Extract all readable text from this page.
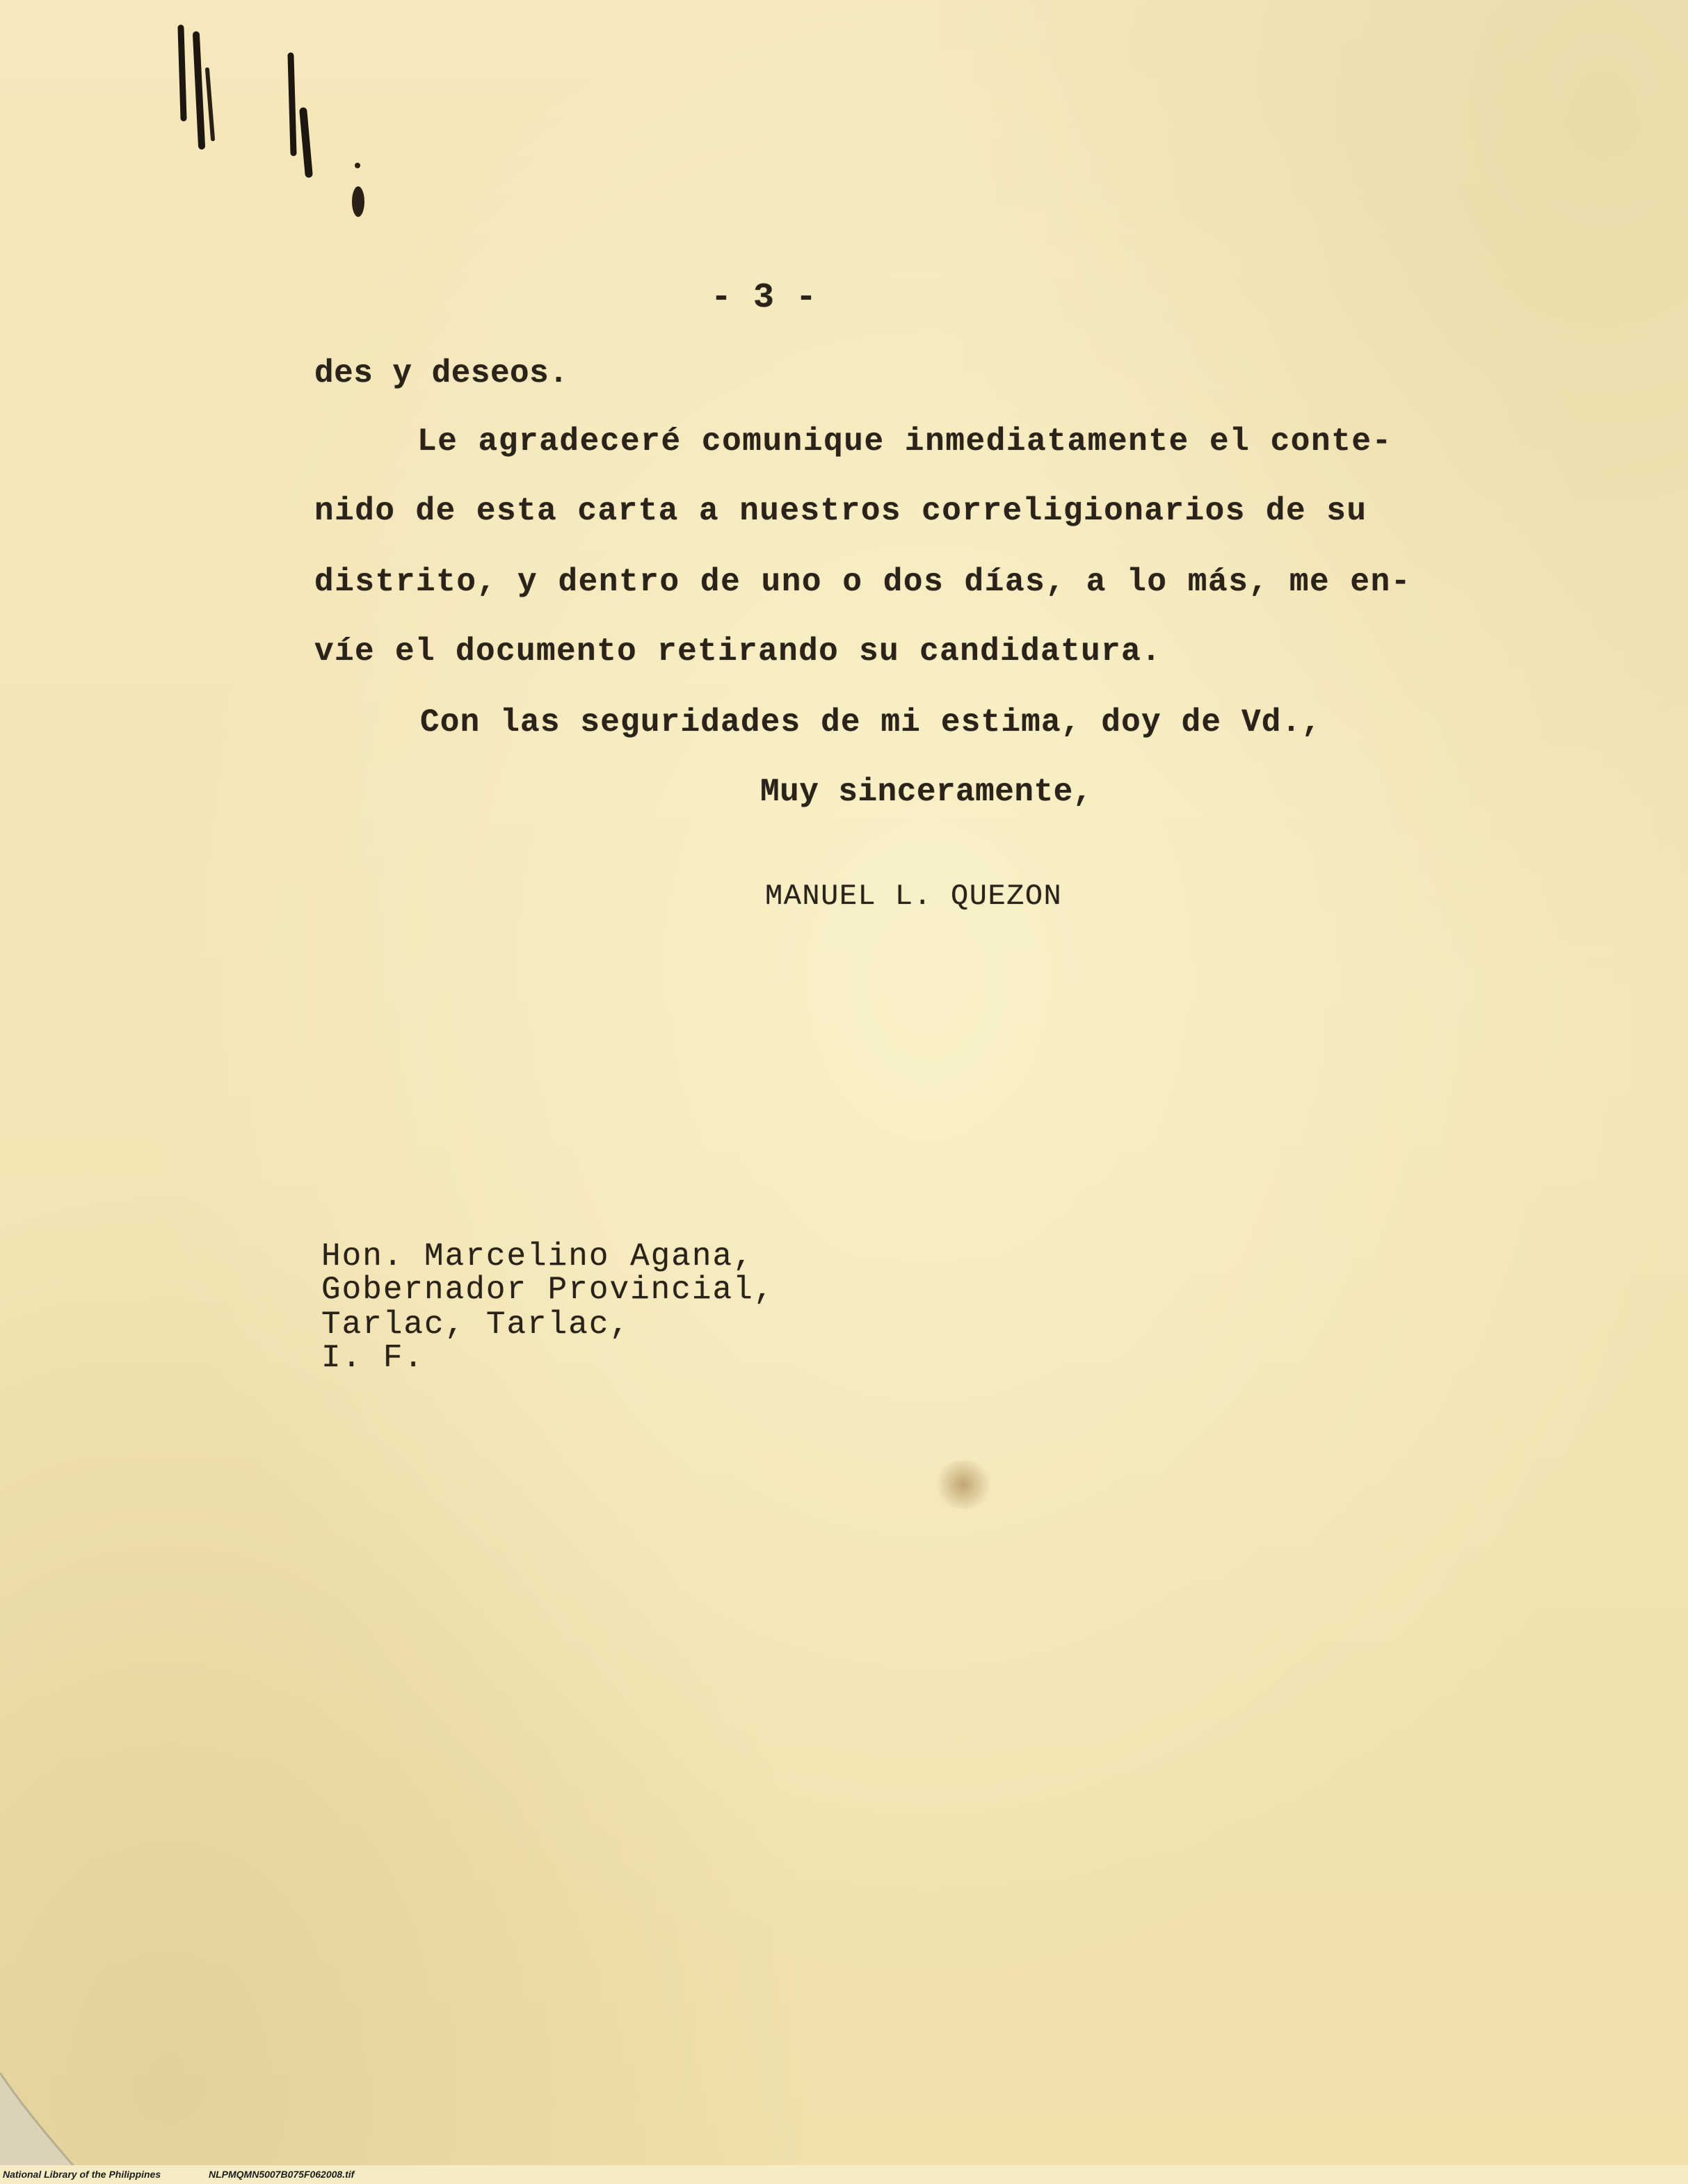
- 3 -
des y deseos.
Le agradeceré comunique inmediatamente el conte-
nido de esta carta a nuestros correligionarios de su
distrito, y dentro de uno o dos días, a lo más, me en-
víe el documento retirando su candidatura.
Con las seguridades de mi estima, doy de Vd.,
Muy sinceramente,
MANUEL L. QUEZON
Hon. Marcelino Agana,
Gobernador Provincial,
Tarlac, Tarlac,
I. F.
National Library of the Philippines	NLPMQMN5007B075F062008.tif
